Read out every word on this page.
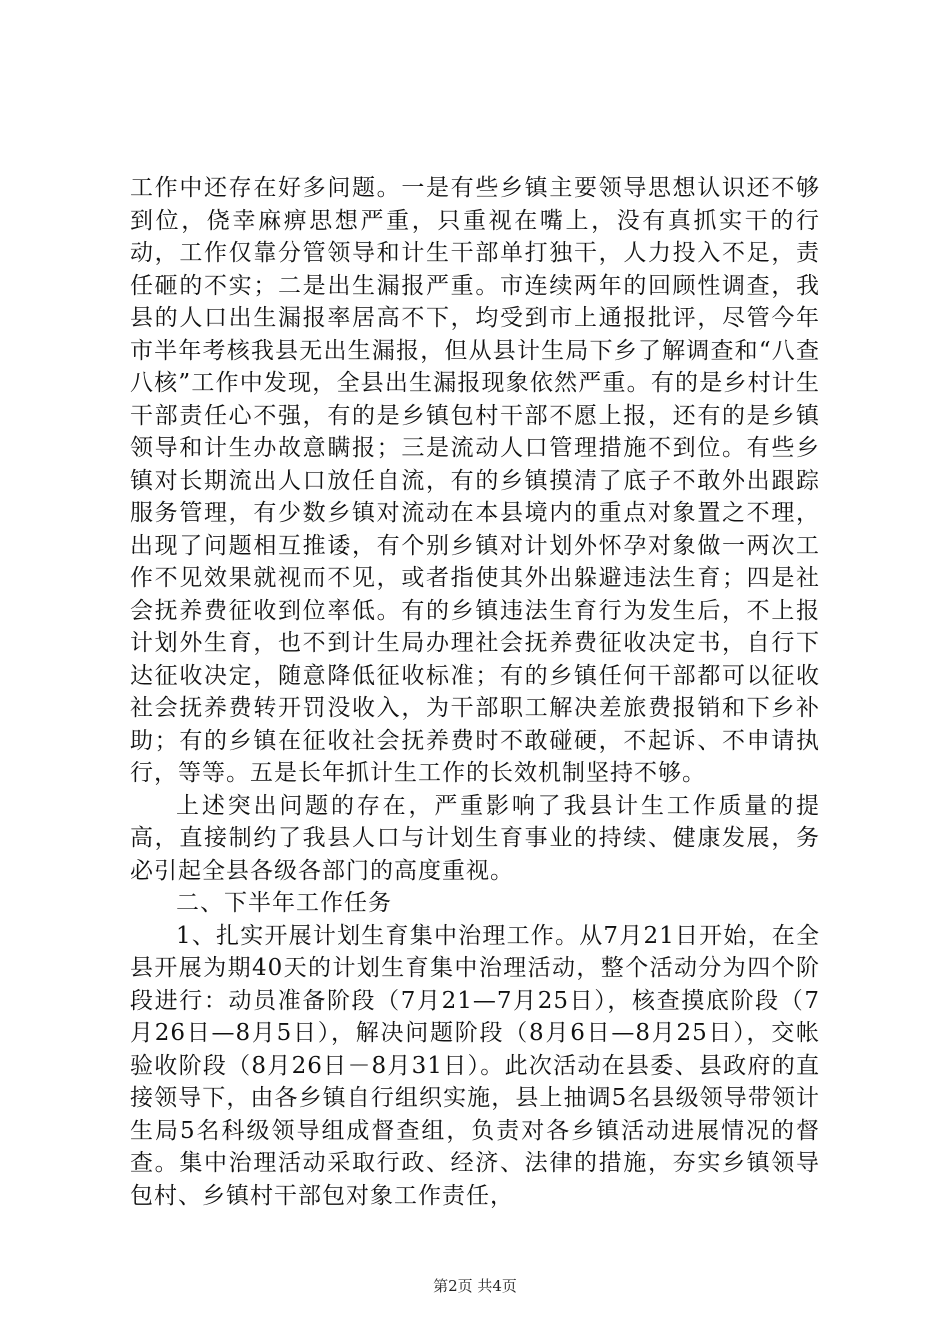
工作中还存在好多问题。一是有些乡镇主要领导思想认识还不够到位，侥幸麻痹思想严重，只重视在嘴上，没有真抓实干的行动，工作仅靠分管领导和计生干部单打独干，人力投入不足，责任砸的不实；二是出生漏报严重。市连续两年的回顾性调查，我县的人口出生漏报率居高不下，均受到市上通报批评，尽管今年市半年考核我县无出生漏报，但从县计生局下乡了解调查和“八查八核”工作中发现，全县出生漏报现象依然严重。有的是乡村计生干部责任心不强，有的是乡镇包村干部不愿上报，还有的是乡镇领导和计生办故意瞒报；三是流动人口管理措施不到位。有些乡镇对长期流出人口放任自流，有的乡镇摸清了底子不敢外出跟踪服务管理，有少数乡镇对流动在本县境内的重点对象置之不理，出现了问题相互推诿，有个别乡镇对计划外怀孕对象做一两次工作不见效果就视而不见，或者指使其外出躲避违法生育；四是社会抚养费征收到位率低。有的乡镇违法生育行为发生后，不上报计划外生育，也不到计生局办理社会抚养费征收决定书，自行下达征收决定，随意降低征收标准；有的乡镇任何干部都可以征收社会抚养费转开罚没收入，为干部职工解决差旅费报销和下乡补助；有的乡镇在征收社会抚养费时不敢碰硬，不起诉、不申请执行，等等。五是长年抓计生工作的长效机制坚持不够。

上述突出问题的存在，严重影响了我县计生工作质量的提高，直接制约了我县人口与计划生育事业的持续、健康发展，务必引起全县各级各部门的高度重视。

二、下半年工作任务

1、扎实开展计划生育集中治理工作。从7月21日开始，在全县开展为期40天的计划生育集中治理活动，整个活动分为四个阶段进行：动员准备阶段（7月21—7月25日），核查摸底阶段（7月26日—8月5日），解决问题阶段（8月6日—8月25日），交帐验收阶段（8月26日－8月31日）。此次活动在县委、县政府的直接领导下，由各乡镇自行组织实施，县上抽调5名县级领导带领计生局5名科级领导组成督查组，负责对各乡镇活动进展情况的督查。集中治理活动采取行政、经济、法律的措施，夯实乡镇领导包村、乡镇村干部包对象工作责任，

第2页 共4页
